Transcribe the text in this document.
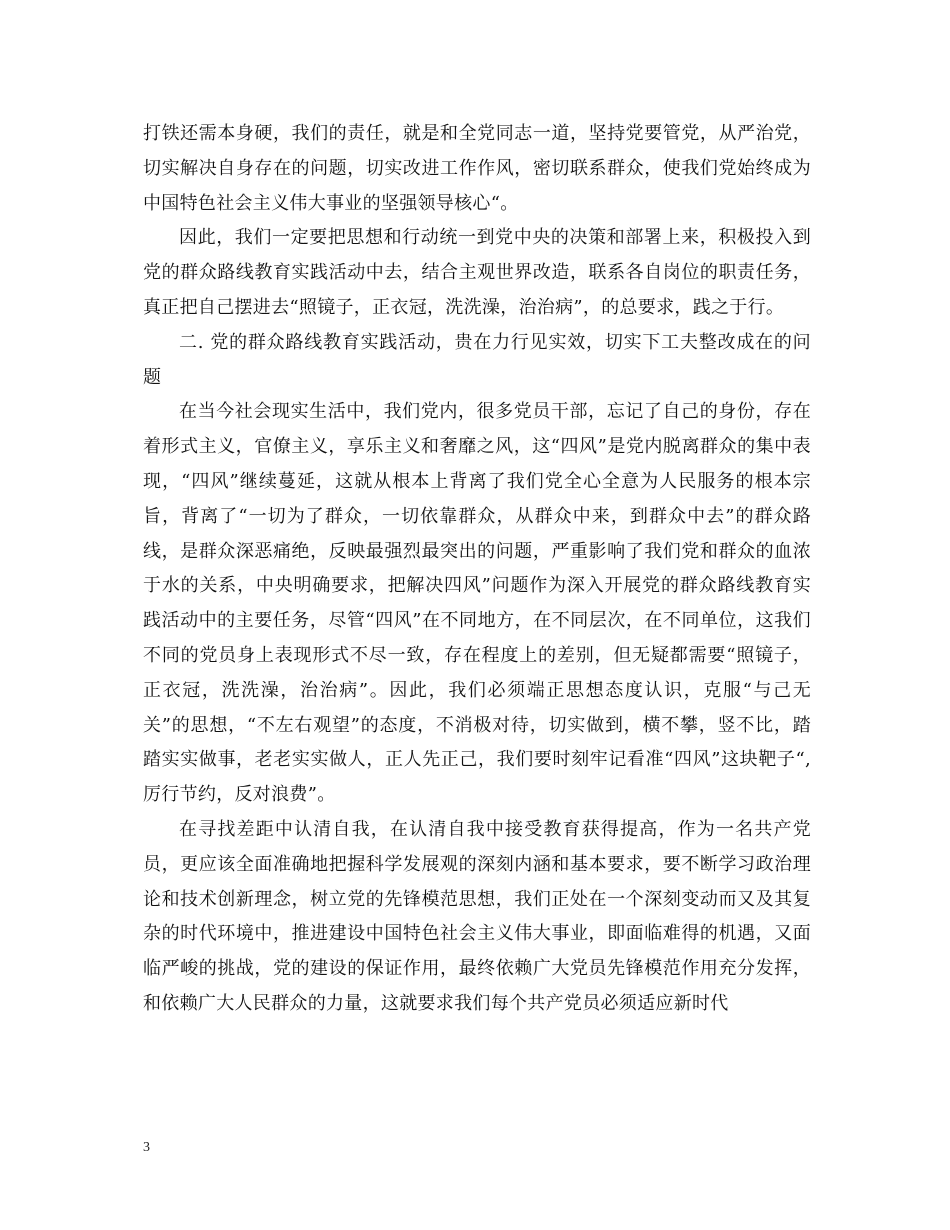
打铁还需本身硬，我们的责任，就是和全党同志一道，坚持党要管党，从严治党，切实解决自身存在的问题，切实改进工作作风，密切联系群众，使我们党始终成为中国特色社会主义伟大事业的坚强领导核心“。

因此，我们一定要把思想和行动统一到党中央的决策和部署上来，积极投入到党的群众路线教育实践活动中去，结合主观世界改造，联系各自岗位的职责任务，真正把自己摆进去“照镜子，正衣冠，洗洗澡，治治病”，的总要求，践之于行。

二. 党的群众路线教育实践活动，贵在力行见实效，切实下工夫整改成在的问题

在当今社会现实生活中，我们党内，很多党员干部，忘记了自己的身份，存在着形式主义，官僚主义，享乐主义和奢靡之风，这“四风”是党内脱离群众的集中表现，“四风”继续蔓延，这就从根本上背离了我们党全心全意为人民服务的根本宗旨，背离了“一切为了群众，一切依靠群众，从群众中来，到群众中去”的群众路线，是群众深恶痛绝，反映最强烈最突出的问题，严重影响了我们党和群众的血浓于水的关系，中央明确要求，把解决四风”问题作为深入开展党的群众路线教育实践活动中的主要任务，尽管“四风”在不同地方，在不同层次，在不同单位，这我们不同的党员身上表现形式不尽一致，存在程度上的差别，但无疑都需要“照镜子，正衣冠，洗洗澡，治治病”。因此，我们必须端正思想态度认识，克服“与己无关”的思想，“不左右观望”的态度，不消极对待，切实做到，横不攀，竖不比，踏踏实实做事，老老实实做人，正人先正己，我们要时刻牢记看准“四风”这块靶子“, 厉行节约，反对浪费”。

在寻找差距中认清自我，在认清自我中接受教育获得提高，作为一名共产党员，更应该全面准确地把握科学发展观的深刻内涵和基本要求，要不断学习政治理论和技术创新理念，树立党的先锋模范思想，我们正处在一个深刻变动而又及其复杂的时代环境中，推进建设中国特色社会主义伟大事业，即面临难得的机遇，又面临严峻的挑战，党的建设的保证作用，最终依赖广大党员先锋模范作用充分发挥，和依赖广大人民群众的力量，这就要求我们每个共产党员必须适应新时代

3
